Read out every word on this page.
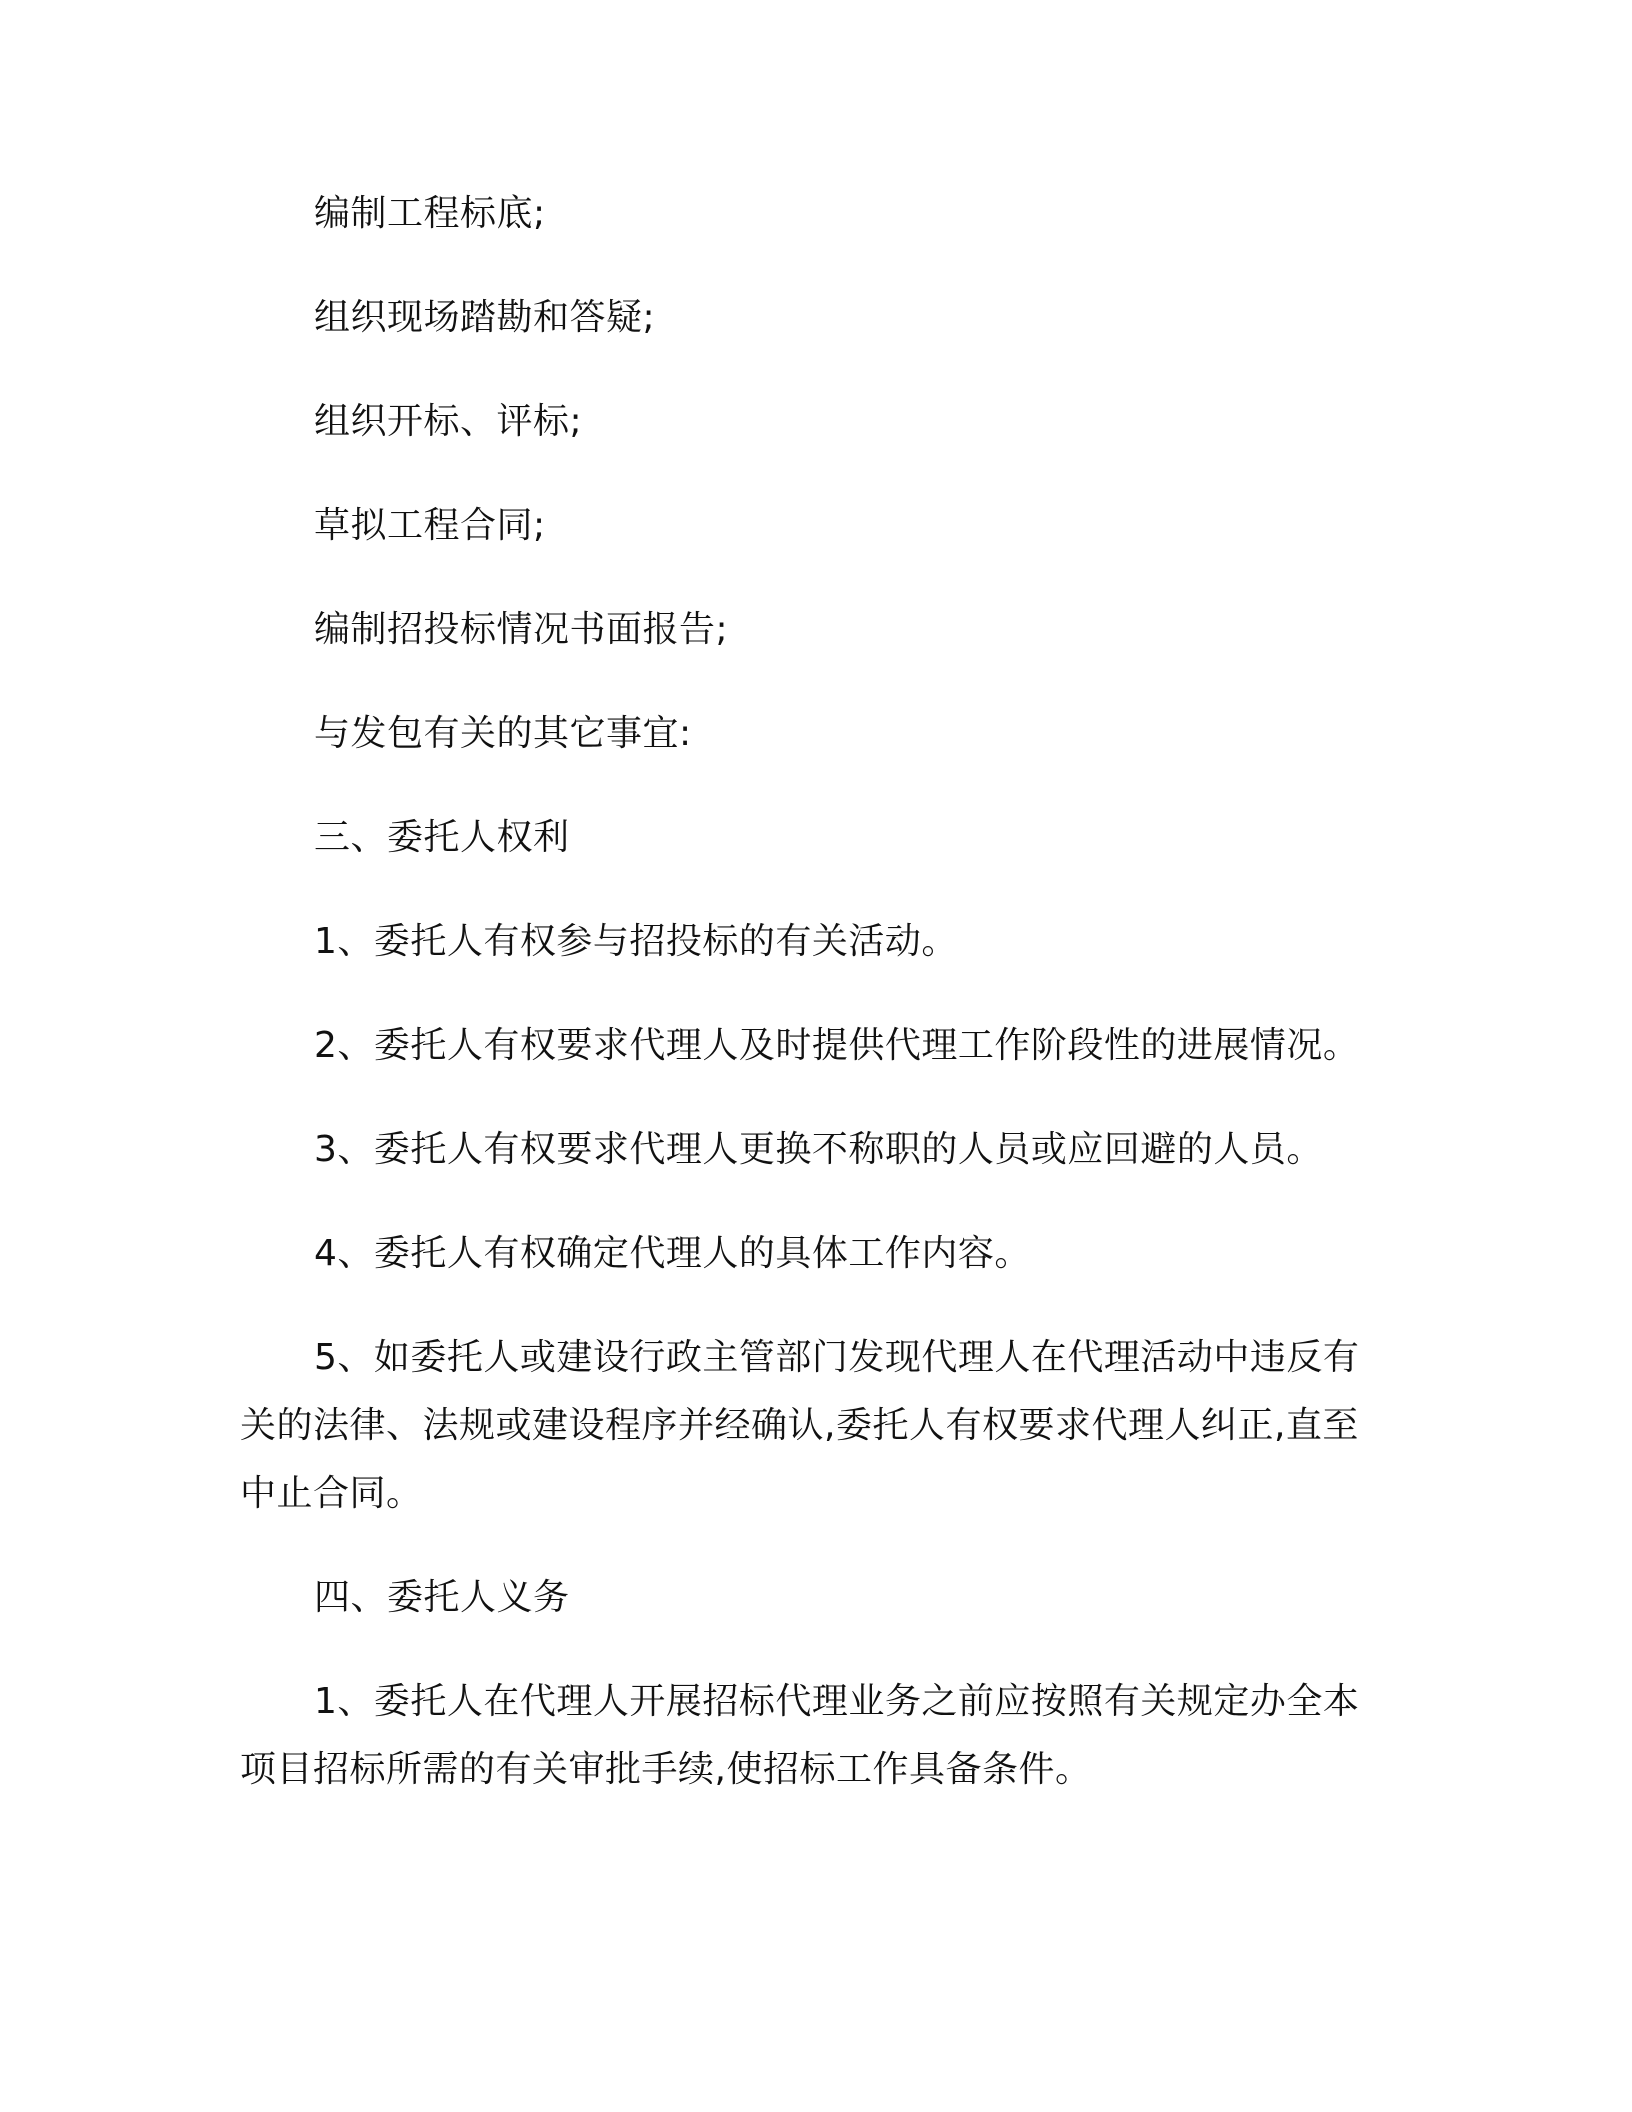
编制工程标底;

组织现场踏勘和答疑;

组织开标、评标;

草拟工程合同;

编制招投标情况书面报告;

与发包有关的其它事宜:

三、委托人权利

1、委托人有权参与招投标的有关活动。

2、委托人有权要求代理人及时提供代理工作阶段性的进展情况。

3、委托人有权要求代理人更换不称职的人员或应回避的人员。

4、委托人有权确定代理人的具体工作内容。

5、如委托人或建设行政主管部门发现代理人在代理活动中违反有关的法律、法规或建设程序并经确认,委托人有权要求代理人纠正,直至中止合同。

四、委托人义务

1、委托人在代理人开展招标代理业务之前应按照有关规定办全本项目招标所需的有关审批手续,使招标工作具备条件。
